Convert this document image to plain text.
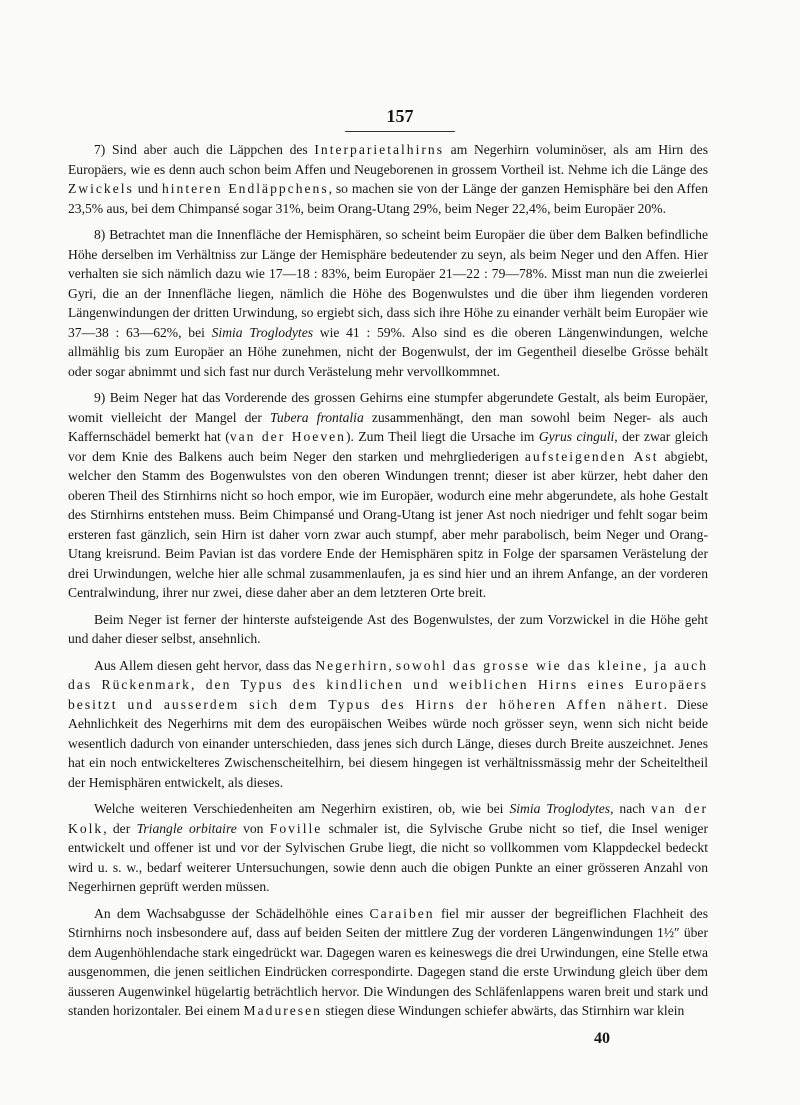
157

7) Sind aber auch die Läppchen des Interparietalhirns am Negerhirn voluminöser, als am Hirn des Europäers, wie es denn auch schon beim Affen und Neugeborenen in grossem Vortheil ist. Nehme ich die Länge des Zwickels und hinteren Endläppchens, so machen sie von der Länge der ganzen Hemisphäre bei den Affen 23,5% aus, bei dem Chimpansé sogar 31%, beim Orang-Utang 29%, beim Neger 22,4%, beim Europäer 20%.

8) Betrachtet man die Innenfläche der Hemisphären, so scheint beim Europäer die über dem Balken befindliche Höhe derselben im Verhältniss zur Länge der Hemisphäre bedeutender zu seyn, als beim Neger und den Affen. Hier verhalten sie sich nämlich dazu wie 17—18 : 83%, beim Europäer 21—22 : 79—78%. Misst man nun die zweierlei Gyri, die an der Innenfläche liegen, nämlich die Höhe des Bogenwulstes und die über ihm liegenden vorderen Längenwindungen der dritten Urwindung, so ergiebt sich, dass sich ihre Höhe zu einander verhält beim Europäer wie 37—38 : 63—62%, bei Simia Troglodytes wie 41 : 59%. Also sind es die oberen Längenwindungen, welche allmählig bis zum Europäer an Höhe zunehmen, nicht der Bogenwulst, der im Gegentheil dieselbe Grösse behält oder sogar abnimmt und sich fast nur durch Verästelung mehr vervollkommnet.

9) Beim Neger hat das Vorderende des grossen Gehirns eine stumpfer abgerundete Gestalt, als beim Europäer, womit vielleicht der Mangel der Tubera frontalia zusammenhängt, den man sowohl beim Neger- als auch Kaffernschädel bemerkt hat (van der Hoeven). Zum Theil liegt die Ursache im Gyrus cinguli, der zwar gleich vor dem Knie des Balkens auch beim Neger den starken und mehrgliederigen aufsteigenden Ast abgiebt, welcher den Stamm des Bogenwulstes von den oberen Windungen trennt; dieser ist aber kürzer, hebt daher den oberen Theil des Stirnhirns nicht so hoch empor, wie im Europäer, wodurch eine mehr abgerundete, als hohe Gestalt des Stirnhirns entstehen muss. Beim Chimpansé und Orang-Utang ist jener Ast noch niedriger und fehlt sogar beim ersteren fast gänzlich, sein Hirn ist daher vorn zwar auch stumpf, aber mehr parabolisch, beim Neger und Orang-Utang kreisrund. Beim Pavian ist das vordere Ende der Hemisphären spitz in Folge der sparsamen Verästelung der drei Urwindungen, welche hier alle schmal zusammenlaufen, ja es sind hier und an ihrem Anfange, an der vorderen Centralwindung, ihrer nur zwei, diese daher aber an dem letzteren Orte breit.

Beim Neger ist ferner der hinterste aufsteigende Ast des Bogenwulstes, der zum Vorzwickel in die Höhe geht und daher dieser selbst, ansehnlich.

Aus Allem diesen geht hervor, dass das Negerhirn, sowohl das grosse wie das kleine, ja auch das Rückenmark, den Typus des kindlichen und weiblichen Hirns eines Europäers besitzt und ausserdem sich dem Typus des Hirns der höheren Affen nähert. Diese Aehnlichkeit des Negerhirns mit dem des europäischen Weibes würde noch grösser seyn, wenn sich nicht beide wesentlich dadurch von einander unterschieden, dass jenes sich durch Länge, dieses durch Breite auszeichnet. Jenes hat ein noch entwickelteres Zwischenscheitelhirn, bei diesem hingegen ist verhältnissmässig mehr der Scheiteltheil der Hemisphären entwickelt, als dieses.

Welche weiteren Verschiedenheiten am Negerhirn existiren, ob, wie bei Simia Troglodytes, nach van der Kolk, der Triangle orbitaire von Foville schmaler ist, die Sylvische Grube nicht so tief, die Insel weniger entwickelt und offener ist und vor der Sylvischen Grube liegt, die nicht so vollkommen vom Klappdeckel bedeckt wird u. s. w., bedarf weiterer Untersuchungen, sowie denn auch die obigen Punkte an einer grösseren Anzahl von Negerhirnen geprüft werden müssen.

An dem Wachsabgusse der Schädelhöhle eines Caraiben fiel mir ausser der begreiflichen Flachheit des Stirnhirns noch insbesondere auf, dass auf beiden Seiten der mittlere Zug der vorderen Längenwindungen 1½″ über dem Augenhöhlendache stark eingedrückt war. Dagegen waren es keineswegs die drei Urwindungen, eine Stelle etwa ausgenommen, die jenen seitlichen Eindrücken correspondirte. Dagegen stand die erste Urwindung gleich über dem äusseren Augenwinkel hügelartig beträchtlich hervor. Die Windungen des Schläfenlappens waren breit und stark und standen horizontaler. Bei einem Maduresen stiegen diese Windungen schiefer abwärts, das Stirnhirn war klein

40
